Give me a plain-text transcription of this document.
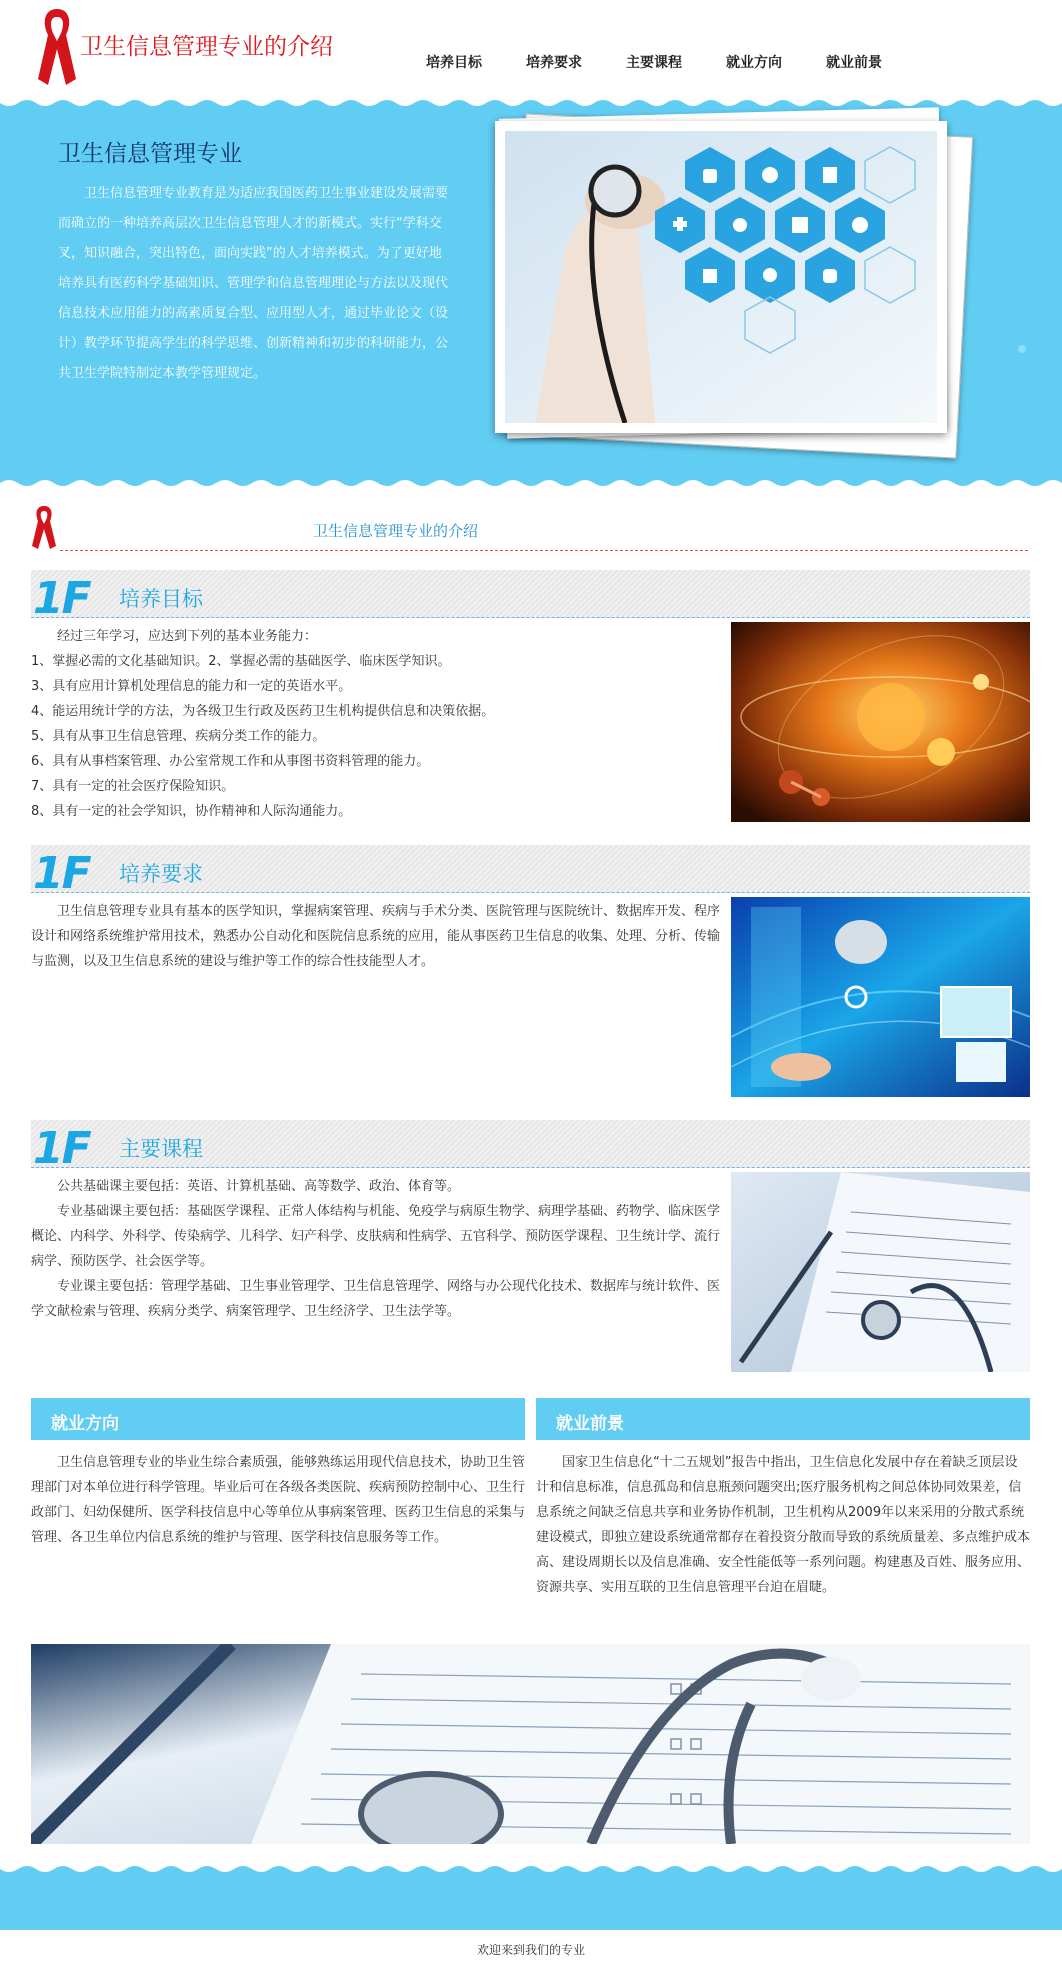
卫生信息管理专业的介绍
培养目标	培养要求	主要课程	就业方向	就业前景
卫生信息管理专业
卫生信息管理专业教育是为适应我国医药卫生事业建设发展需要而确立的一种培养高层次卫生信息管理人才的新模式。实行“学科交叉，知识融合，突出特色，面向实践”的人才培养模式。为了更好地培养具有医药科学基础知识、管理学和信息管理理论与方法以及现代信息技术应用能力的高素质复合型、应用型人才，通过毕业论文（设计）教学环节提高学生的科学思维、创新精神和初步的科研能力，公共卫生学院特制定本教学管理规定。
卫生信息管理专业的介绍
1F 培养目标

经过三年学习，应达到下列的基本业务能力：

1、掌握必需的文化基础知识。2、掌握必需的基础医学、临床医学知识。

3、具有应用计算机处理信息的能力和一定的英语水平。

4、能运用统计学的方法，为各级卫生行政及医药卫生机构提供信息和决策依据。

5、具有从事卫生信息管理、疾病分类工作的能力。

6、具有从事档案管理、办公室常规工作和从事图书资料管理的能力。

7、具有一定的社会医疗保险知识。

8、具有一定的社会学知识，协作精神和人际沟通能力。

1F 培养要求

卫生信息管理专业具有基本的医学知识，掌握病案管理、疾病与手术分类、医院管理与医院统计、数据库开发、程序设计和网络系统维护常用技术，熟悉办公自动化和医院信息系统的应用，能从事医药卫生信息的收集、处理、分析、传输与监测，以及卫生信息系统的建设与维护等工作的综合性技能型人才。

1F 主要课程

公共基础课主要包括：英语、计算机基础、高等数学、政治、体育等。

专业基础课主要包括：基础医学课程、正常人体结构与机能、免疫学与病原生物学、病理学基础、药物学、临床医学概论、内科学、外科学、传染病学、儿科学、妇产科学、皮肤病和性病学、五官科学、预防医学课程、卫生统计学、流行病学、预防医学、社会医学等。

专业课主要包括：管理学基础、卫生事业管理学、卫生信息管理学、网络与办公现代化技术、数据库与统计软件、医学文献检索与管理、疾病分类学、病案管理学、卫生经济学、卫生法学等。

就业方向
卫生信息管理专业的毕业生综合素质强，能够熟练运用现代信息技术，协助卫生管理部门对本单位进行科学管理。毕业后可在各级各类医院、疾病预防控制中心、卫生行政部门、妇幼保健所、医学科技信息中心等单位从事病案管理、医药卫生信息的采集与管理、各卫生单位内信息系统的维护与管理、医学科技信息服务等工作。
就业前景
国家卫生信息化“十二五规划”报告中指出，卫生信息化发展中存在着缺乏顶层设计和信息标准，信息孤岛和信息瓶颈问题突出;医疗服务机构之间总体协同效果差，信息系统之间缺乏信息共享和业务协作机制，卫生机构从2009年以来采用的分散式系统建设模式，即独立建设系统通常都存在着投资分散而导致的系统质量差、多点维护成本高、建设周期长以及信息准确、安全性能低等一系列问题。构建惠及百姓、服务应用、资源共享、实用互联的卫生信息管理平台迫在眉睫。
欢迎来到我们的专业
